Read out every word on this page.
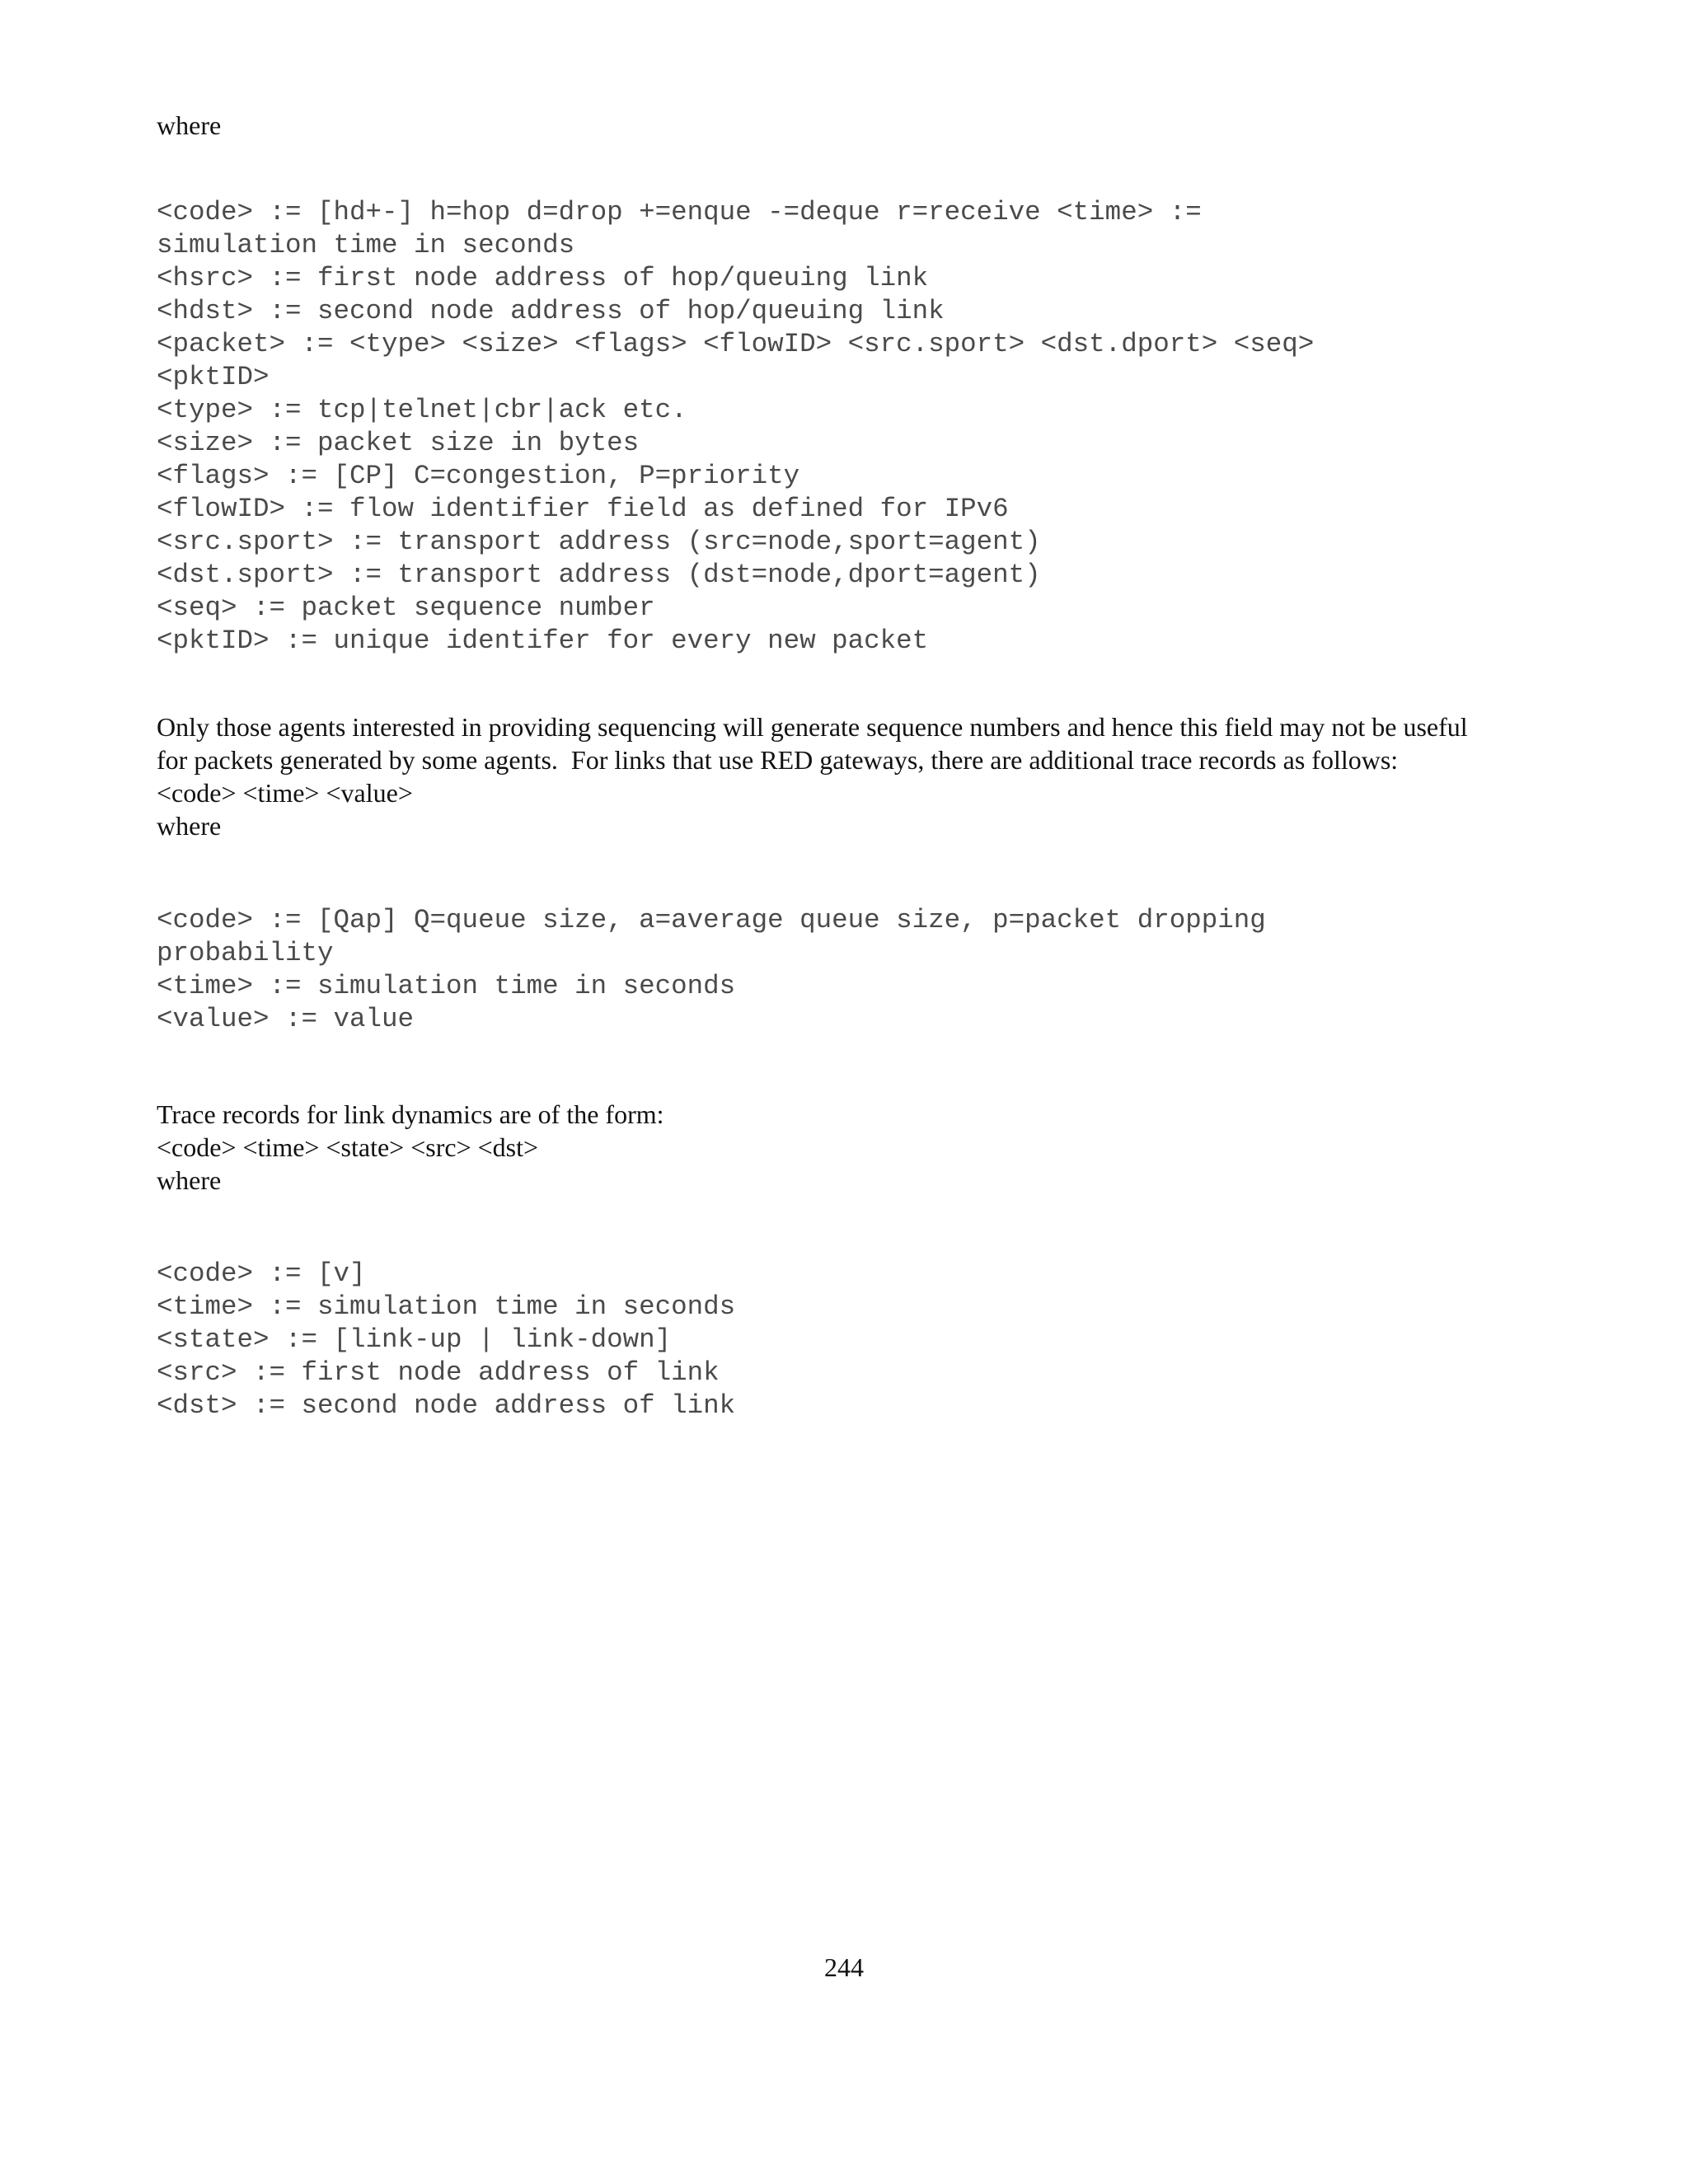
where
<code> := [hd+-] h=hop d=drop +=enque -=deque r=receive <time> :=
simulation time in seconds
<hsrc> := first node address of hop/queuing link
<hdst> := second node address of hop/queuing link
<packet> := <type> <size> <flags> <flowID> <src.sport> <dst.dport> <seq>
<pktID>
<type> := tcp|telnet|cbr|ack etc.
<size> := packet size in bytes
<flags> := [CP] C=congestion, P=priority
<flowID> := flow identifier field as defined for IPv6
<src.sport> := transport address (src=node,sport=agent)
<dst.sport> := transport address (dst=node,dport=agent)
<seq> := packet sequence number
<pktID> := unique identifer for every new packet
Only those agents interested in providing sequencing will generate sequence numbers and hence this field may not be useful
for packets generated by some agents.  For links that use RED gateways, there are additional trace records as follows:
<code> <time> <value>
where
<code> := [Qap] Q=queue size, a=average queue size, p=packet dropping
probability
<time> := simulation time in seconds
<value> := value
Trace records for link dynamics are of the form:
<code> <time> <state> <src> <dst>
where
<code> := [v]
<time> := simulation time in seconds
<state> := [link-up | link-down]
<src> := first node address of link
<dst> := second node address of link
244
